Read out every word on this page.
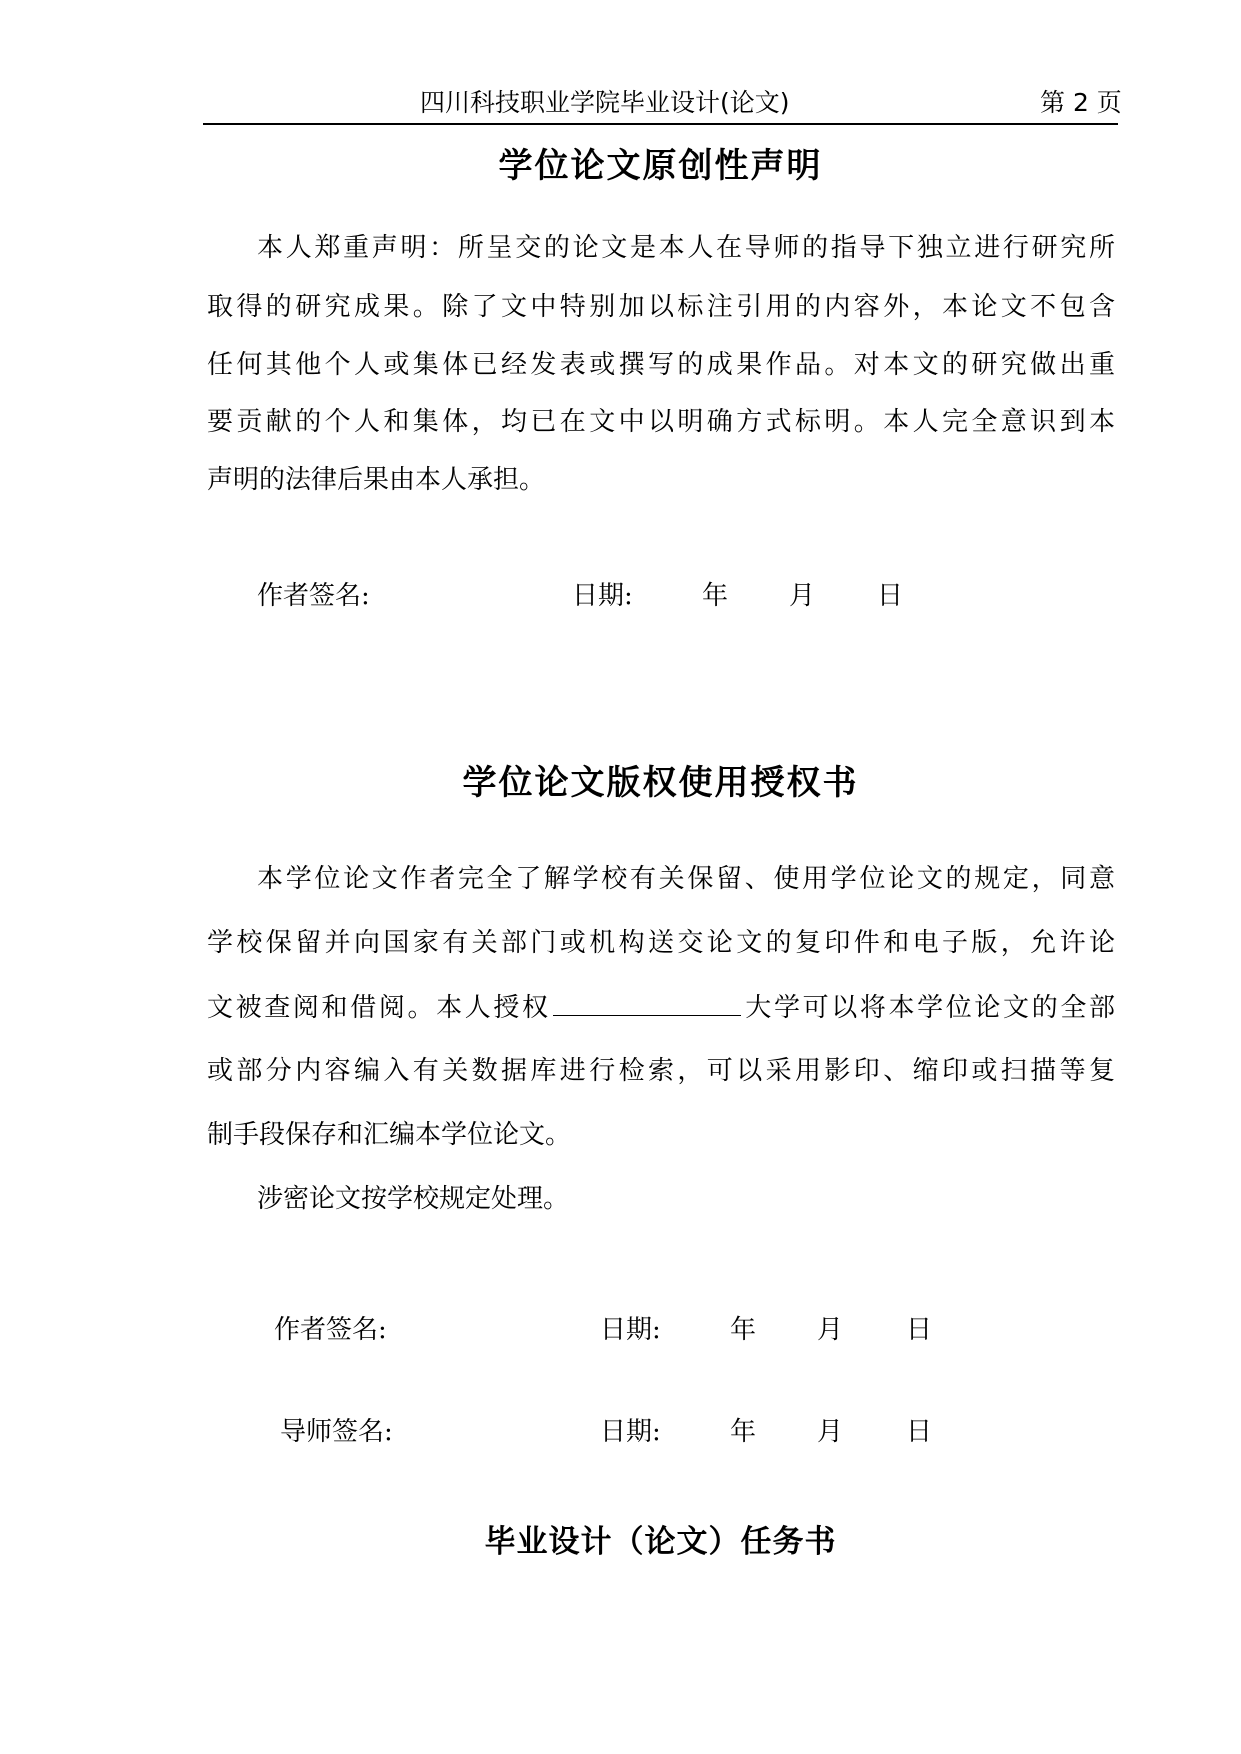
四川科技职业学院毕业设计(论文)	第 2 页
学位论文原创性声明
本人郑重声明：所呈交的论文是本人在导师的指导下独立进行研究所
取得的研究成果。除了文中特别加以标注引用的内容外，本论文不包含
任何其他个人或集体已经发表或撰写的成果作品。对本文的研究做出重
要贡献的个人和集体，均已在文中以明确方式标明。本人完全意识到本
声明的法律后果由本人承担。
作者签名:	日期:	年 月 日
学位论文版权使用授权书
本学位论文作者完全了解学校有关保留、使用学位论文的规定，同意
学校保留并向国家有关部门或机构送交论文的复印件和电子版，允许论
文被查阅和借阅。本人授权	大学可以将本学位论文的全部
或部分内容编入有关数据库进行检索，可以采用影印、缩印或扫描等复
制手段保存和汇编本学位论文。
涉密论文按学校规定处理。
作者签名:	日期:	年 月 日
导师签名:	日期:	年 月 日
毕业设计（论文）任务书
